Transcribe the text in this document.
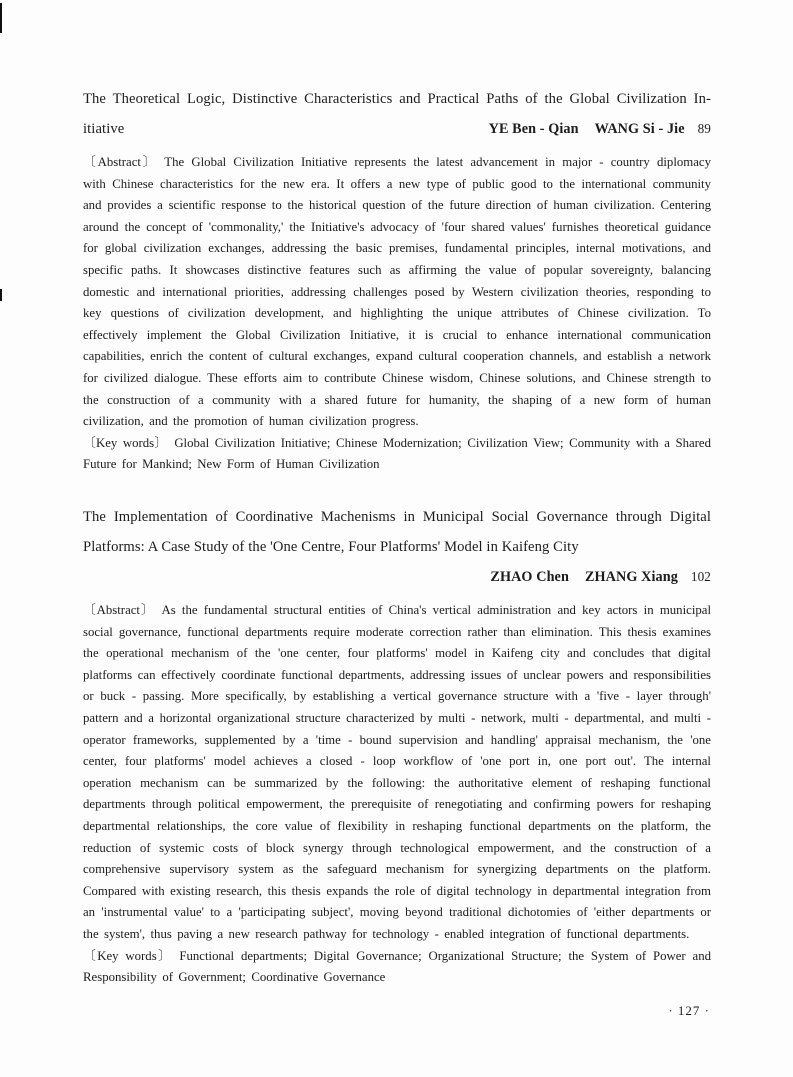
The Theoretical Logic, Distinctive Characteristics and Practical Paths of the Global Civilization In-
itiative	YE Ben - Qian WANG Si - Jie 89

〔Abstract〕 The Global Civilization Initiative represents the latest advancement in major - country diplomacy with Chinese characteristics for the new era. It offers a new type of public good to the international community and provides a scientific response to the historical question of the future direction of human civilization. Centering around the concept of 'commonality,' the Initiative's advocacy of 'four shared values' furnishes theoretical guidance for global civilization exchanges, addressing the basic premises, fundamental principles, internal motivations, and specific paths. It showcases distinctive features such as affirming the value of popular sovereignty, balancing domestic and international priorities, addressing challenges posed by Western civilization theories, responding to key questions of civilization development, and highlighting the unique attributes of Chinese civilization. To effectively implement the Global Civilization Initiative, it is crucial to enhance international communication capabilities, enrich the content of cultural exchanges, expand cultural cooperation channels, and establish a network for civilized dialogue. These efforts aim to contribute Chinese wisdom, Chinese solutions, and Chinese strength to the construction of a community with a shared future for humanity, the shaping of a new form of human civilization, and the promotion of human civilization progress.

〔Key words〕 Global Civilization Initiative; Chinese Modernization; Civilization View; Community with a Shared Future for Mankind; New Form of Human Civilization

The Implementation of Coordinative Machenisms in Municipal Social Governance through Digital
Platforms: A Case Study of the 'One Centre, Four Platforms' Model in Kaifeng City
ZHAO Chen ZHANG Xiang 102

〔Abstract〕 As the fundamental structural entities of China's vertical administration and key actors in municipal social governance, functional departments require moderate correction rather than elimination. This thesis examines the operational mechanism of the 'one center, four platforms' model in Kaifeng city and concludes that digital platforms can effectively coordinate functional departments, addressing issues of unclear powers and responsibilities or buck - passing. More specifically, by establishing a vertical governance structure with a 'five - layer through' pattern and a horizontal organizational structure characterized by multi - network, multi - departmental, and multi - operator frameworks, supplemented by a 'time - bound supervision and handling' appraisal mechanism, the 'one center, four platforms' model achieves a closed - loop workflow of 'one port in, one port out'. The internal operation mechanism can be summarized by the following: the authoritative element of reshaping functional departments through political empowerment, the prerequisite of renegotiating and confirming powers for reshaping departmental relationships, the core value of flexibility in reshaping functional departments on the platform, the reduction of systemic costs of block synergy through technological empowerment, and the construction of a comprehensive supervisory system as the safeguard mechanism for synergizing departments on the platform. Compared with existing research, this thesis expands the role of digital technology in departmental integration from an 'instrumental value' to a 'participating subject', moving beyond traditional dichotomies of 'either departments or the system', thus paving a new research pathway for technology - enabled integration of functional departments.

〔Key words〕 Functional departments; Digital Governance; Organizational Structure; the System of Power and Responsibility of Government; Coordinative Governance

· 127 ·
